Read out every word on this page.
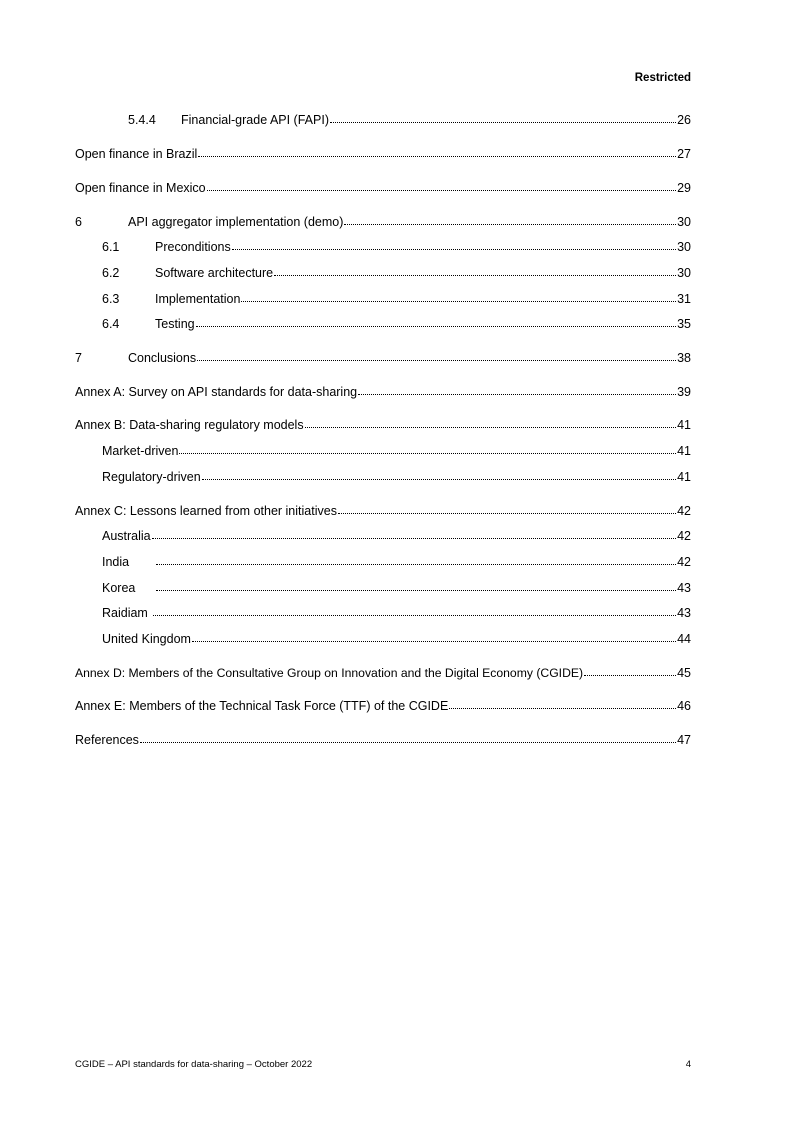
Restricted
5.4.4	Financial-grade API (FAPI)	26
Open finance in Brazil	27
Open finance in Mexico	29
6	API aggregator implementation (demo)	30
6.1	Preconditions	30
6.2	Software architecture	30
6.3	Implementation	31
6.4	Testing	35
7	Conclusions	38
Annex A: Survey on API standards for data-sharing	39
Annex B: Data-sharing regulatory models	41
Market-driven	41
Regulatory-driven	41
Annex C: Lessons learned from other initiatives	42
Australia	42
India	42
Korea	43
Raidiam	43
United Kingdom	44
Annex D: Members of the Consultative Group on Innovation and the Digital Economy (CGIDE)	45
Annex E: Members of the Technical Task Force (TTF) of the CGIDE	46
References	47
CGIDE – API standards for data-sharing – October 2022	4
